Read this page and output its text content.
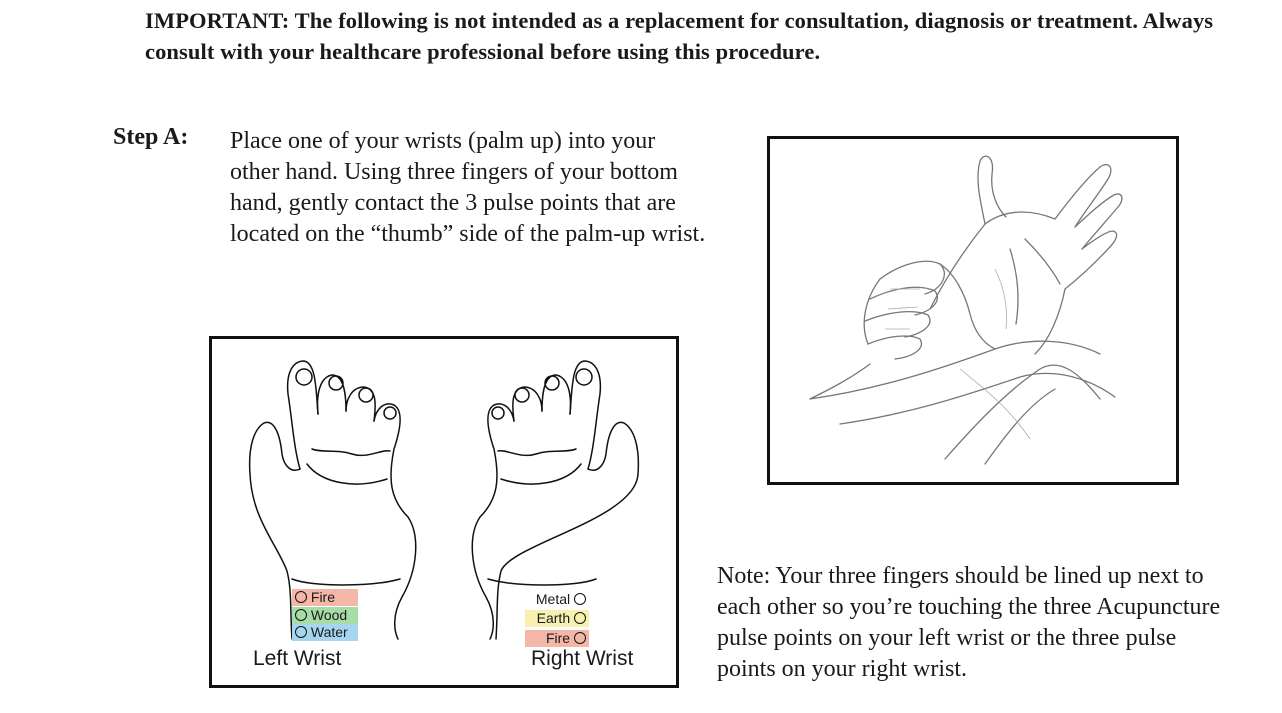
IMPORTANT: The following is not intended as a replacement for consultation, diagnosis or treatment. Always consult with your healthcare professional before using this procedure.
Step A: Place one of your wrists (palm up) into your other hand. Using three fingers of your bottom hand, gently contact the 3 pulse points that are located on the “thumb” side of the palm-up wrist.
Fire
Wood
Water
Metal
Earth
Fire
Left Wrist	Right Wrist
Note: Your three fingers should be lined up next to each other so you’re touching the three Acupuncture pulse points on your left wrist or the three pulse points on your right wrist.
